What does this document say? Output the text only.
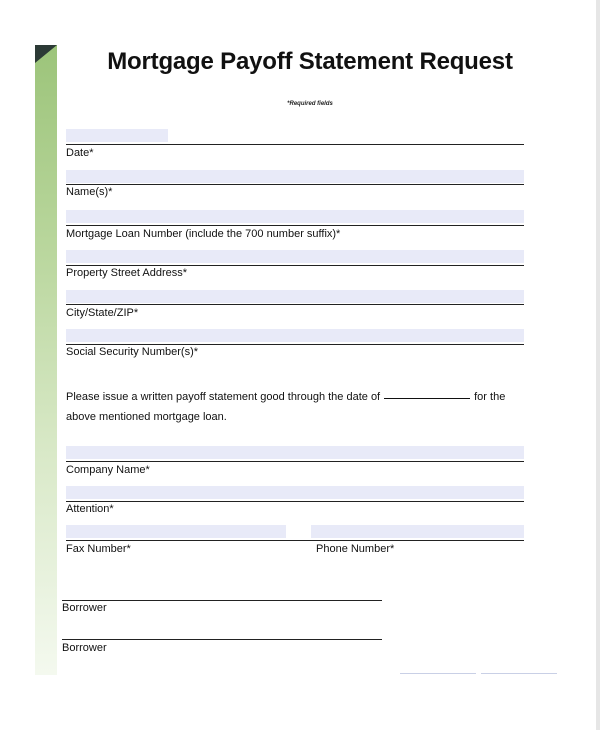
Mortgage Payoff Statement Request
*Required fields
Date*
Name(s)*
Mortgage Loan Number (include the 700 number suffix)*
Property Street Address*
City/State/ZIP*
Social Security Number(s)*
Please issue a written payoff statement good through the date of	for the
above mentioned mortgage loan.
Company Name*
Attention*
Fax Number*	Phone Number*
Borrower
Borrower
